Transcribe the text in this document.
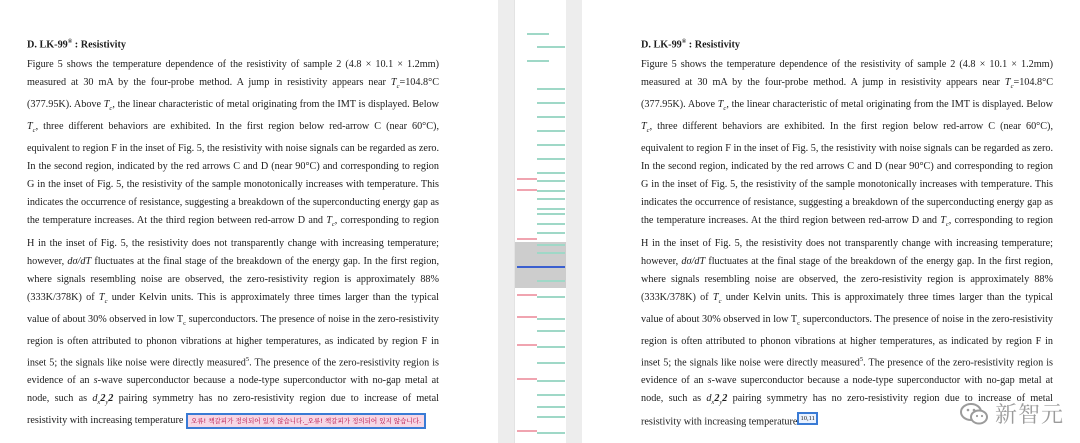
D. LK-99® : Resistivity

Figure 5 shows the temperature dependence of the resistivity of sample 2 (4.8 × 10.1 × 1.2mm) measured at 30 mA by the four-probe method. A jump in resistivity appears near $T_c=104.8^\circ C$ (377.95K). Above $T_c$, the linear characteristic of metal originating from the IMT is displayed. Below $T_c$, three different behaviors are exhibited. In the first region below red-arrow C (near 60°C), equivalent to region F in the inset of Fig. 5, the resistivity with noise signals can be regarded as zero. In the second region, indicated by the red arrows C and D (near 90°C) and corresponding to region G in the inset of Fig. 5, the resistivity of the sample monotonically increases with temperature. This indicates the occurrence of resistance, suggesting a breakdown of the superconducting energy gap as the temperature increases. At the third region between red-arrow D and $T_c$, corresponding to region H in the inset of Fig. 5, the resistivity does not transparently change with increasing temperature; however, dσ/dT fluctuates at the final stage of the breakdown of the energy gap. In the first region, where signals resembling noise are observed, the zero-resistivity region is approximately 88% (333K/378K) of $T_c$ under Kelvin units. This is approximately three times larger than the typical value of about 30% observed in low $T_c$ superconductors. The presence of noise in the zero-resistivity region is often attributed to phonon vibrations at higher temperatures, as indicated by region F in inset 5; the signals like noise were directly measured$^5$. The presence of the zero-resistivity region is evidence of an s-wave superconductor because a node-type superconductor with no-gap metal at node, such as $d_x2_y2$ pairing symmetry has no zero-resistivity region due to increase of metal resistivity with increasing temperature 오류! 책갈피가 정의되어 있지 않습니다._오류! 책갈피가 정의되어 있지 않습니다.

D. LK-99® : Resistivity

Figure 5 shows the temperature dependence of the resistivity of sample 2 (4.8 × 10.1 × 1.2mm) measured at 30 mA by the four-probe method. A jump in resistivity appears near $T_c=104.8^\circ C$ (377.95K). Above $T_c$, the linear characteristic of metal originating from the IMT is displayed. Below $T_c$, three different behaviors are exhibited. In the first region below red-arrow C (near 60°C), equivalent to region F in the inset of Fig. 5, the resistivity with noise signals can be regarded as zero. In the second region, indicated by the red arrows C and D (near 90°C) and corresponding to region G in the inset of Fig. 5, the resistivity of the sample monotonically increases with temperature. This indicates the occurrence of resistance, suggesting a breakdown of the superconducting energy gap as the temperature increases. At the third region between red-arrow D and $T_c$, corresponding to region H in the inset of Fig. 5, the resistivity does not transparently change with increasing temperature; however, dσ/dT fluctuates at the final stage of the breakdown of the energy gap. In the first region, where signals resembling noise are observed, the zero-resistivity region is approximately 88% (333K/378K) of $T_c$ under Kelvin units. This is approximately three times larger than the typical value of about 30% observed in low $T_c$ superconductors. The presence of noise in the zero-resistivity region is often attributed to phonon vibrations at higher temperatures, as indicated by region F in inset 5; the signals like noise were directly measured$^5$. The presence of the zero-resistivity region is evidence of an s-wave superconductor because a node-type superconductor with no-gap metal at node, such as $d_x2_y2$ pairing symmetry has no zero-resistivity region due to increase of metal resistivity with increasing temperature 10,11	新智元
